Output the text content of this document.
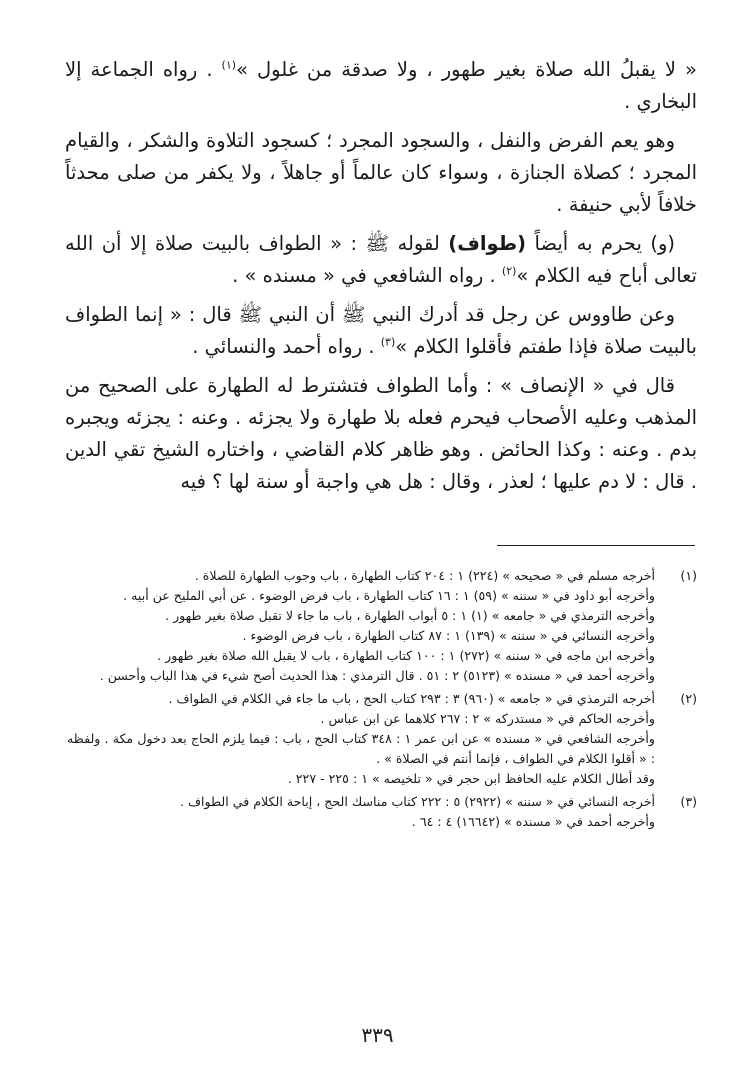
« لا يقبلُ الله صلاة بغير طهور ، ولا صدقة من غلول »$^{(١)}$ . رواه الجماعة إلا البخاري .

وهو يعم الفرض والنفل ، والسجود المجرد ؛ كسجود التلاوة والشكر ، والقيام المجرد ؛ كصلاة الجنازة ، وسواء كان عالماً أو جاهلاً ، ولا يكفر من صلى محدثاً خلافاً لأبي حنيفة .

(و) يحرم به أيضاً (طواف) لقوله ﷺ : « الطواف بالبيت صلاة إلا أن الله تعالى أباح فيه الكلام »$^{(٢)}$ . رواه الشافعي في « مسنده » .

وعن طاووس عن رجل قد أدرك النبي ﷺ أن النبي ﷺ قال : « إنما الطواف بالبيت صلاة فإذا طفتم فأقلوا الكلام »$^{(٣)}$ . رواه أحمد والنسائي .

قال في « الإنصاف » : وأما الطواف فتشترط له الطهارة على الصحيح من المذهب وعليه الأصحاب فيحرم فعله بلا طهارة ولا يجزئه . وعنه : يجزئه ويجبره بدم . وعنه : وكذا الحائض . وهو ظاهر كلام القاضي ، واختاره الشيخ تقي الدين . قال : لا دم عليها ؛ لعذر ، وقال : هل هي واجبة أو سنة لها ؟ فيه

(١)
أخرجه مسلم في « صحيحه » (٢٢٤) ١ : ٢٠٤ كتاب الطهارة ، باب وجوب الطهارة للصلاة .
وأخرجه أبو داود في « سننه » (٥٩) ١ : ١٦ كتاب الطهارة ، باب فرض الوضوء . عن أبي المليح عن أبيه .
وأخرجه الترمذي في « جامعه » (١) ١ : ٥ أبواب الطهارة ، باب ما جاء لا تقبل صلاة بغير طهور .
وأخرجه النسائي في « سننه » (١٣٩) ١ : ٨٧ كتاب الطهارة ، باب فرض الوضوء .
وأخرجه ابن ماجه في « سننه » (٢٧٢) ١ : ١٠٠ كتاب الطهارة ، باب لا يقبل الله صلاة بغير طهور .
وأخرجه أحمد في « مسنده » (٥١٢٣) ٢ : ٥١ . قال الترمذي : هذا الحديث أصح شيء في هذا الباب وأحسن .
(٢)
أخرجه الترمذي في « جامعه » (٩٦٠) ٣ : ٢٩٣ كتاب الحج ، باب ما جاء في الكلام في الطواف .
وأخرجه الحاكم في « مستدركه » ٢ : ٢٦٧ كلاهما عن ابن عباس .
وأخرجه الشافعي في « مسنده » عن ابن عمر ١ : ٣٤٨ كتاب الحج ، باب : فيما يلزم الحاج بعد دخول مكة . ولفظه : « أقلوا الكلام في الطواف ، فإنما أنتم في الصلاة » .
وقد أطال الكلام عليه الحافظ ابن حجر في « تلخيصه » ١ : ٢٢٥ - ٢٢٧ .
(٣)
أخرجه النسائي في « سننه » (٢٩٢٢) ٥ : ٢٢٢ كتاب مناسك الحج ، إباحة الكلام في الطواف .
وأخرجه أحمد في « مسنده » (١٦٦٤٢) ٤ : ٦٤ .
٣٣٩
